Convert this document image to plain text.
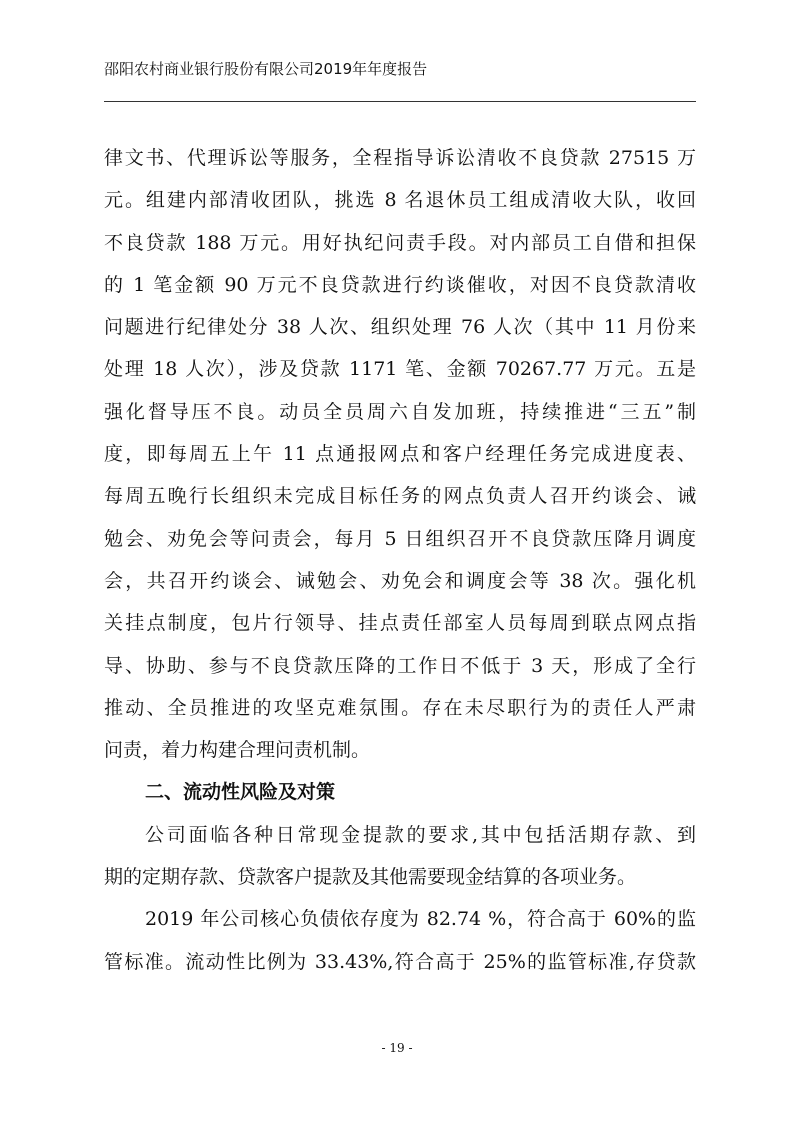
邵阳农村商业银行股份有限公司2019年年度报告
律文书、代理诉讼等服务，全程指导诉讼清收不良贷款 27515 万
元。组建内部清收团队，挑选 8 名退休员工组成清收大队，收回
不良贷款 188 万元。用好执纪问责手段。对内部员工自借和担保
的 1 笔金额 90 万元不良贷款进行约谈催收，对因不良贷款清收
问题进行纪律处分 38 人次、组织处理 76 人次（其中 11 月份来
处理 18 人次），涉及贷款 1171 笔、金额 70267.77 万元。五是
强化督导压不良。动员全员周六自发加班，持续推进“三五”制
度，即每周五上午 11 点通报网点和客户经理任务完成进度表、
每周五晚行长组织未完成目标任务的网点负责人召开约谈会、诫
勉会、劝免会等问责会，每月 5 日组织召开不良贷款压降月调度
会，共召开约谈会、诫勉会、劝免会和调度会等 38 次。强化机
关挂点制度，包片行领导、挂点责任部室人员每周到联点网点指
导、协助、参与不良贷款压降的工作日不低于 3 天，形成了全行
推动、全员推进的攻坚克难氛围。存在未尽职行为的责任人严肃
问责，着力构建合理问责机制。
二、流动性风险及对策
公司面临各种日常现金提款的要求,其中包括活期存款、到
期的定期存款、贷款客户提款及其他需要现金结算的各项业务。
2019 年公司核心负债依存度为 82.74 %，符合高于 60%的监
管标准。流动性比例为 33.43%,符合高于 25%的监管标准,存贷款
- 19 -
